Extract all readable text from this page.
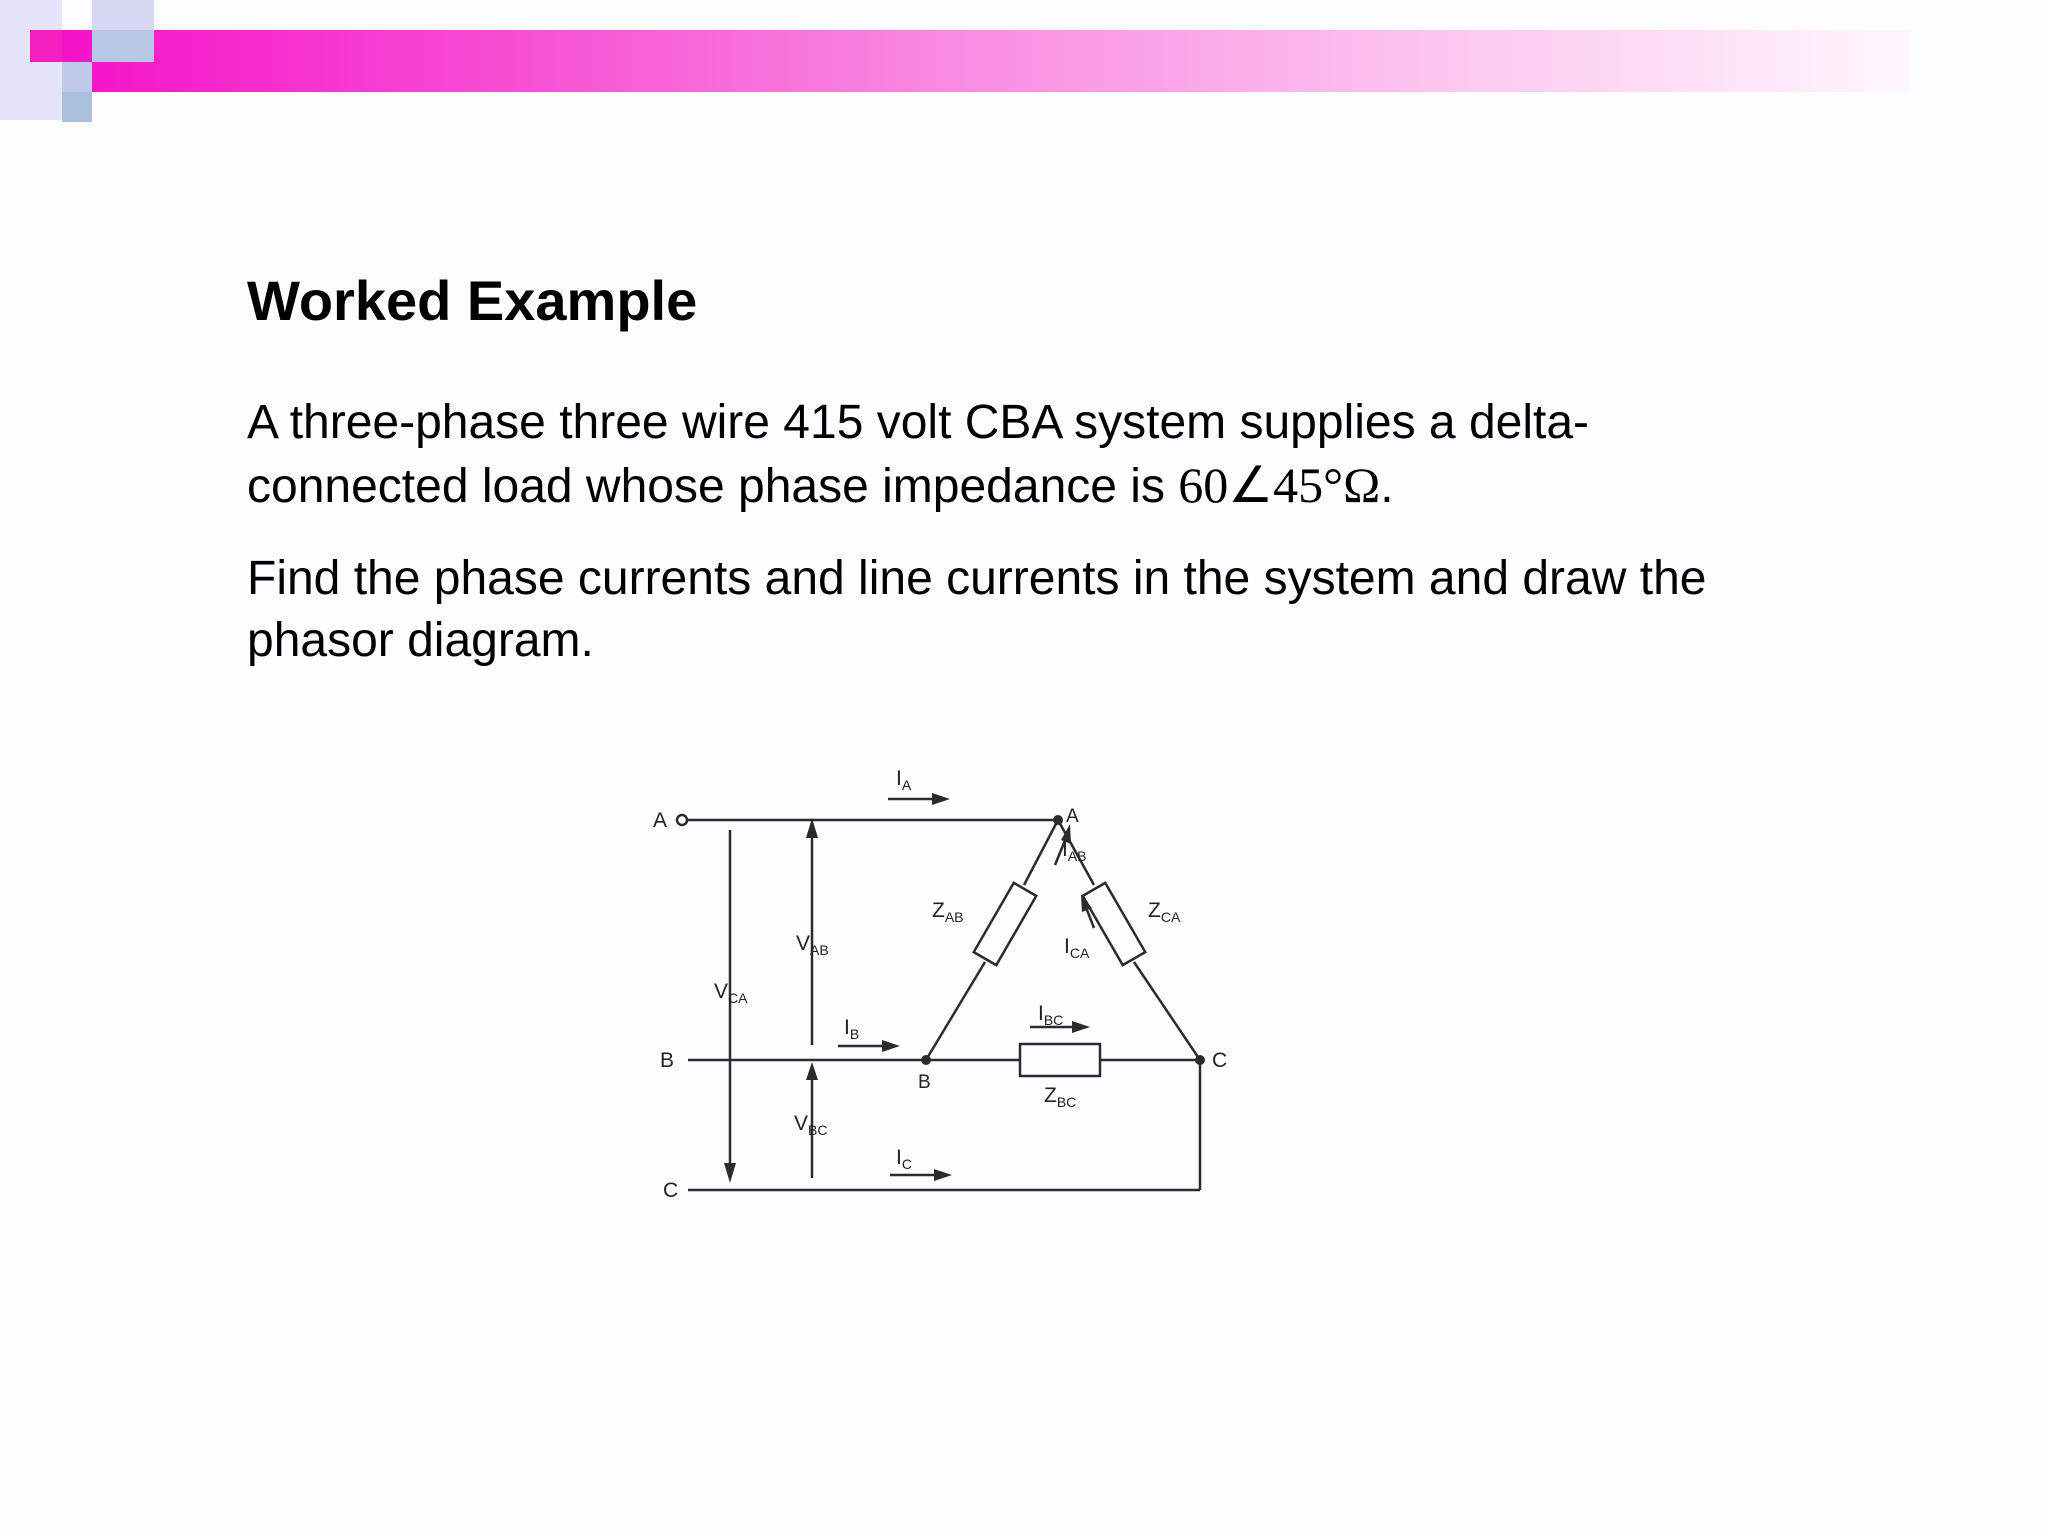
Worked Example

A three-phase three wire 415 volt CBA system supplies a delta-
connected load whose phase impedance is 60∠45°Ω.

Find the phase currents and line currents in the system and draw the
phasor diagram.

A
B
C
A
B
C
$I_A$
$I_B$
$I_C$
$I_{AB}$
$I_{CA}$
$I_{BC}$
$Z_{AB}$	$Z_{CA}$
$Z_{BC}$
$V_{AB}$
$V_{CA}$
$V_{BC}$
